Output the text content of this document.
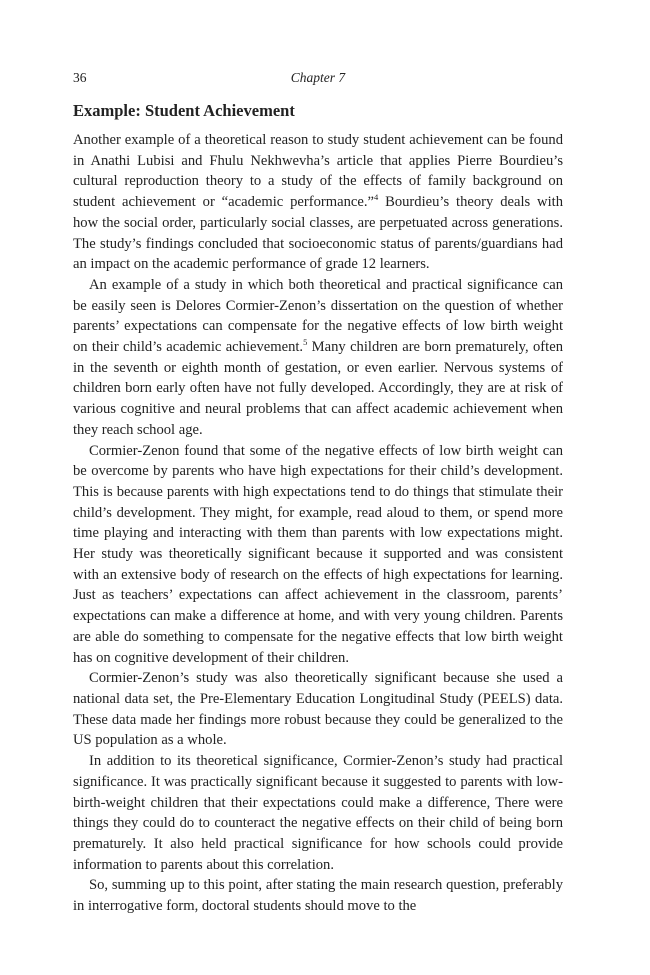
36	Chapter 7
Example: Student Achievement

Another example of a theoretical reason to study student achievement can be found in Anathi Lubisi and Fhulu Nekhwevha’s article that applies Pierre Bourdieu’s cultural reproduction theory to a study of the effects of family background on student achievement or “academic performance.”$^4$ Bourdieu’s theory deals with how the social order, particularly social classes, are perpetuated across generations. The study’s findings concluded that socioeconomic status of parents/guardians had an impact on the academic performance of grade 12 learners.

An example of a study in which both theoretical and practical significance can be easily seen is Delores Cormier-Zenon’s dissertation on the question of whether parents’ expectations can compensate for the negative effects of low birth weight on their child’s academic achievement.$^5$ Many children are born prematurely, often in the seventh or eighth month of gestation, or even earlier. Nervous systems of children born early often have not fully developed. Accordingly, they are at risk of various cognitive and neural problems that can affect academic achievement when they reach school age.

Cormier-Zenon found that some of the negative effects of low birth weight can be overcome by parents who have high expectations for their child’s development. This is because parents with high expectations tend to do things that stimulate their child’s development. They might, for example, read aloud to them, or spend more time playing and interacting with them than parents with low expectations might. Her study was theoretically significant because it supported and was consistent with an extensive body of research on the effects of high expectations for learning. Just as teachers’ expectations can affect achievement in the classroom, parents’ expectations can make a difference at home, and with very young children. Parents are able do something to compensate for the negative effects that low birth weight has on cognitive development of their children.

Cormier-Zenon’s study was also theoretically significant because she used a national data set, the Pre-Elementary Education Longitudinal Study (PEELS) data. These data made her findings more robust because they could be generalized to the US population as a whole.

In addition to its theoretical significance, Cormier-Zenon’s study had practical significance. It was practically significant because it suggested to parents with low-birth-weight children that their expectations could make a difference, There were things they could do to counteract the negative effects on their child of being born prematurely. It also held practical significance for how schools could provide information to parents about this correlation.

So, summing up to this point, after stating the main research question, preferably in interrogative form, doctoral students should move to the
